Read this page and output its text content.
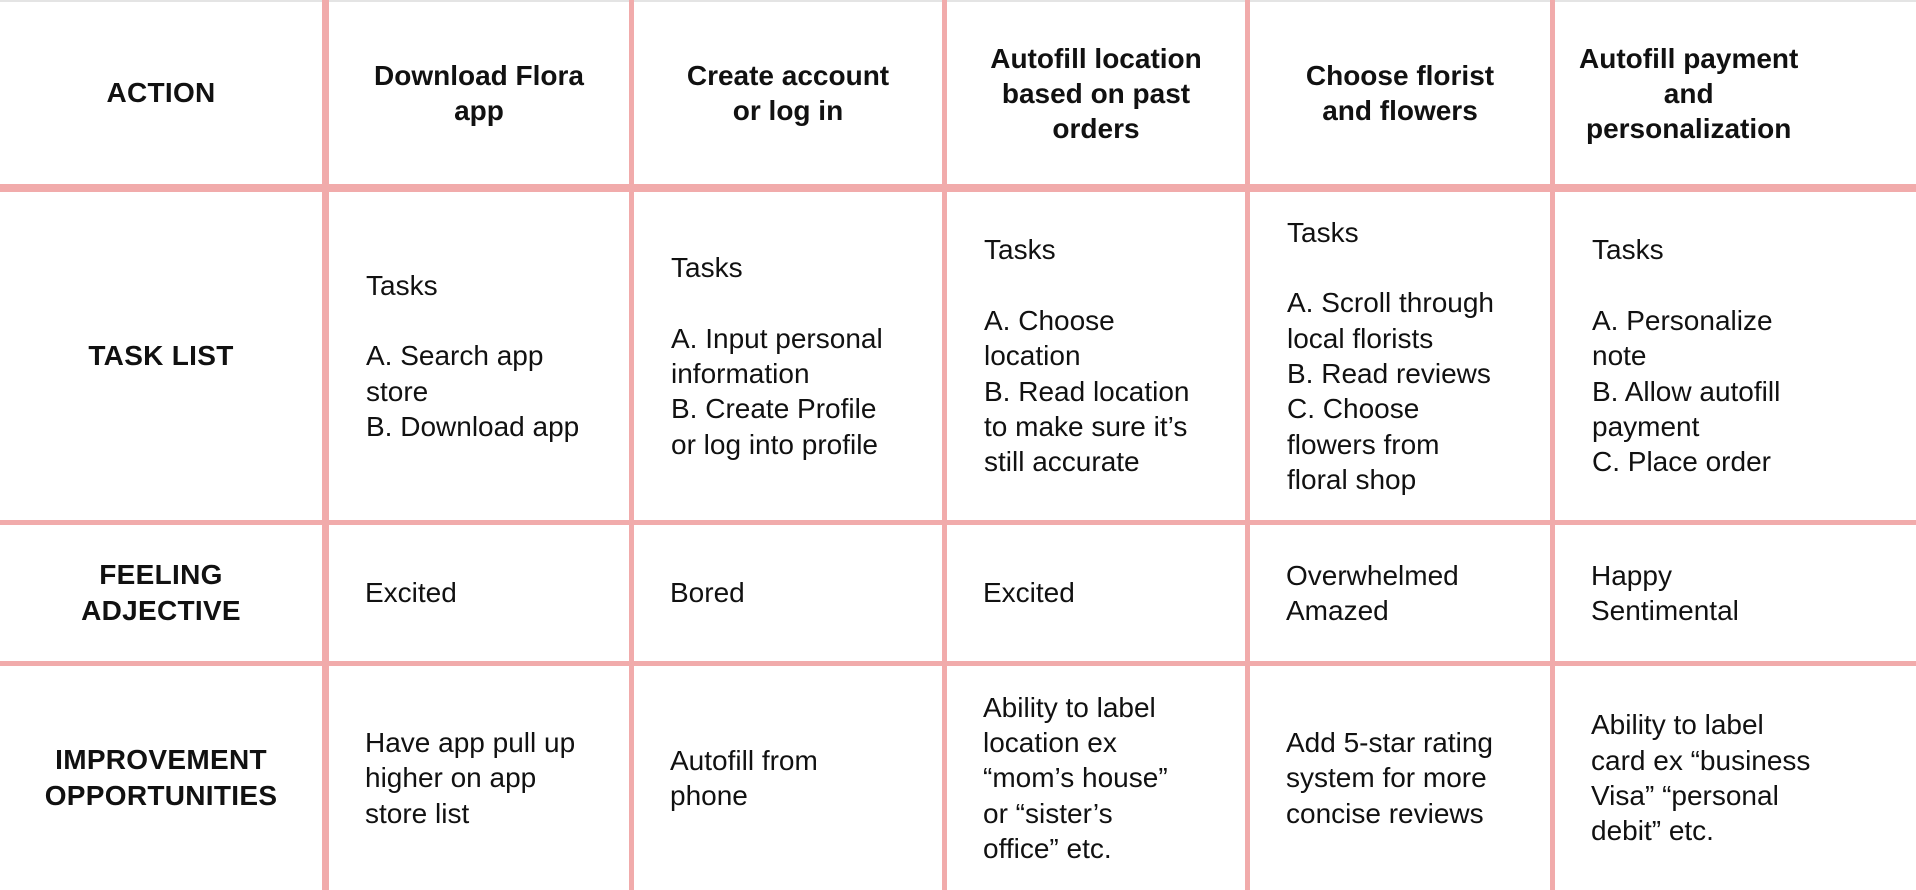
ACTION
TASK LIST
FEELING
ADJECTIVE
IMPROVEMENT
OPPORTUNITIES
Download Flora
app
Tasks

A. Search app
store
B. Download app
Excited
Have app pull up
higher on app
store list
Create account
or log in
Tasks

A. Input personal
information
B. Create Profile
or log into profile
Bored
Autofill from
phone
Autofill location
based on past
orders
Tasks

A. Choose
location
B. Read location
to make sure it’s
still accurate
Excited
Ability to label
location ex
“mom’s house”
or “sister’s
office” etc.
Choose florist
and flowers
Tasks

A. Scroll through
local florists
B. Read reviews
C. Choose
flowers from
floral shop
Overwhelmed
Amazed
Add 5-star rating
system for more
concise reviews
Autofill payment
and
personalization
Tasks

A. Personalize
note
B. Allow autofill
payment
C. Place order
Happy
Sentimental
Ability to label
card ex “business
Visa” “personal
debit” etc.
